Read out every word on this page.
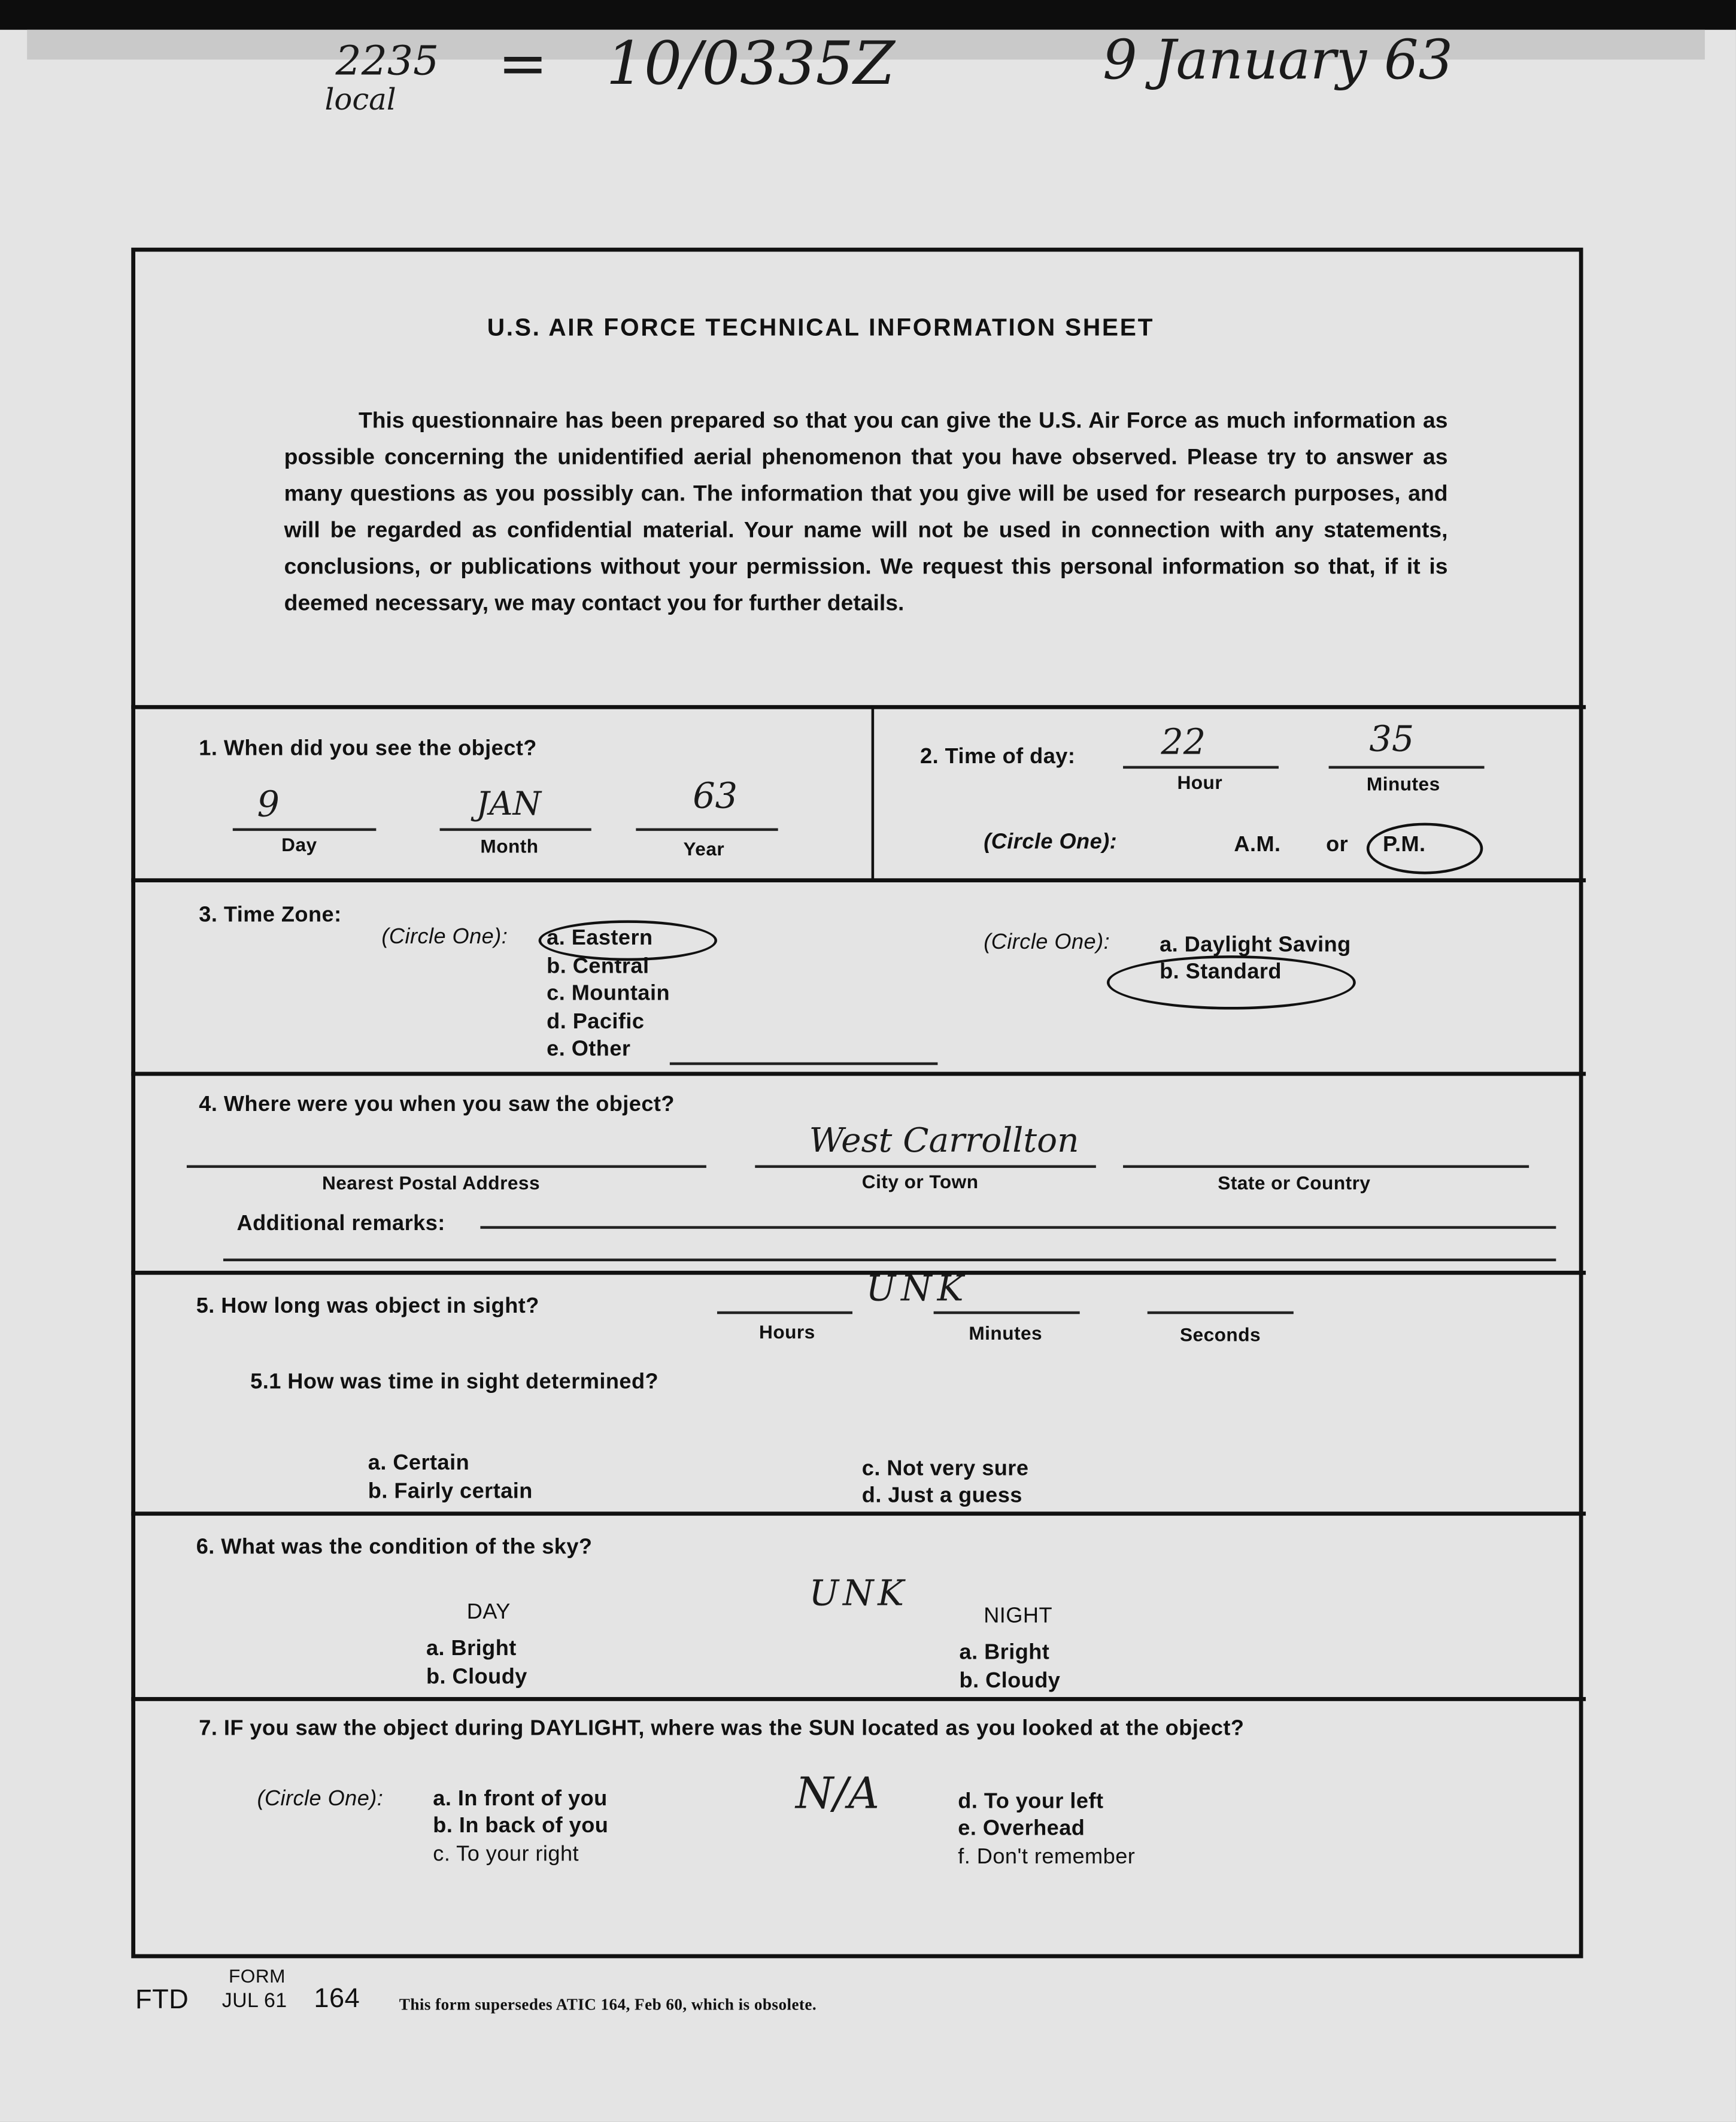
2235
local
= 10/0335Z	9 January 63
U.S. AIR FORCE TECHNICAL INFORMATION SHEET
This questionnaire has been prepared so that you can give the U.S. Air Force as much information as possible concerning the unidentified aerial phenomenon that you have observed. Please try to answer as many questions as you possibly can. The information that you give will be used for research purposes, and will be regarded as confidential material. Your name will not be used in connection with any statements, conclusions, or publications without your permission. We request this personal information so that, if it is deemed necessary, we may contact you for further details.
1. When did you see the object?
9	JAN	63
Day	Month	Year
2. Time of day:	22	35
Hour	Minutes
(Circle One):	A.M.	or	P.M.
3. Time Zone:
(Circle One):	a. Eastern
b. Central
c. Mountain
d. Pacific
e. Other
(Circle One):	a. Daylight Saving
b. Standard
4. Where were you when you saw the object?
West Carrollton
Nearest Postal Address	City or Town	State or Country
Additional remarks:
5. How long was object in sight?	UNK
Hours	Minutes	Seconds
5.1 How was time in sight determined?
a. Certain
b. Fairly certain
c. Not very sure
d. Just a guess
6. What was the condition of the sky?
UNK
DAY	NIGHT
a. Bright
b. Cloudy
a. Bright
b. Cloudy
7. IF you saw the object during DAYLIGHT, where was the SUN located as you looked at the object?
(Circle One):	N/A
a. In front of you
b. In back of you
c. To your right
d. To your left
e. Overhead
f. Don't remember
FORM
FTD	JUL 61 164	This form supersedes ATIC 164, Feb 60, which is obsolete.
